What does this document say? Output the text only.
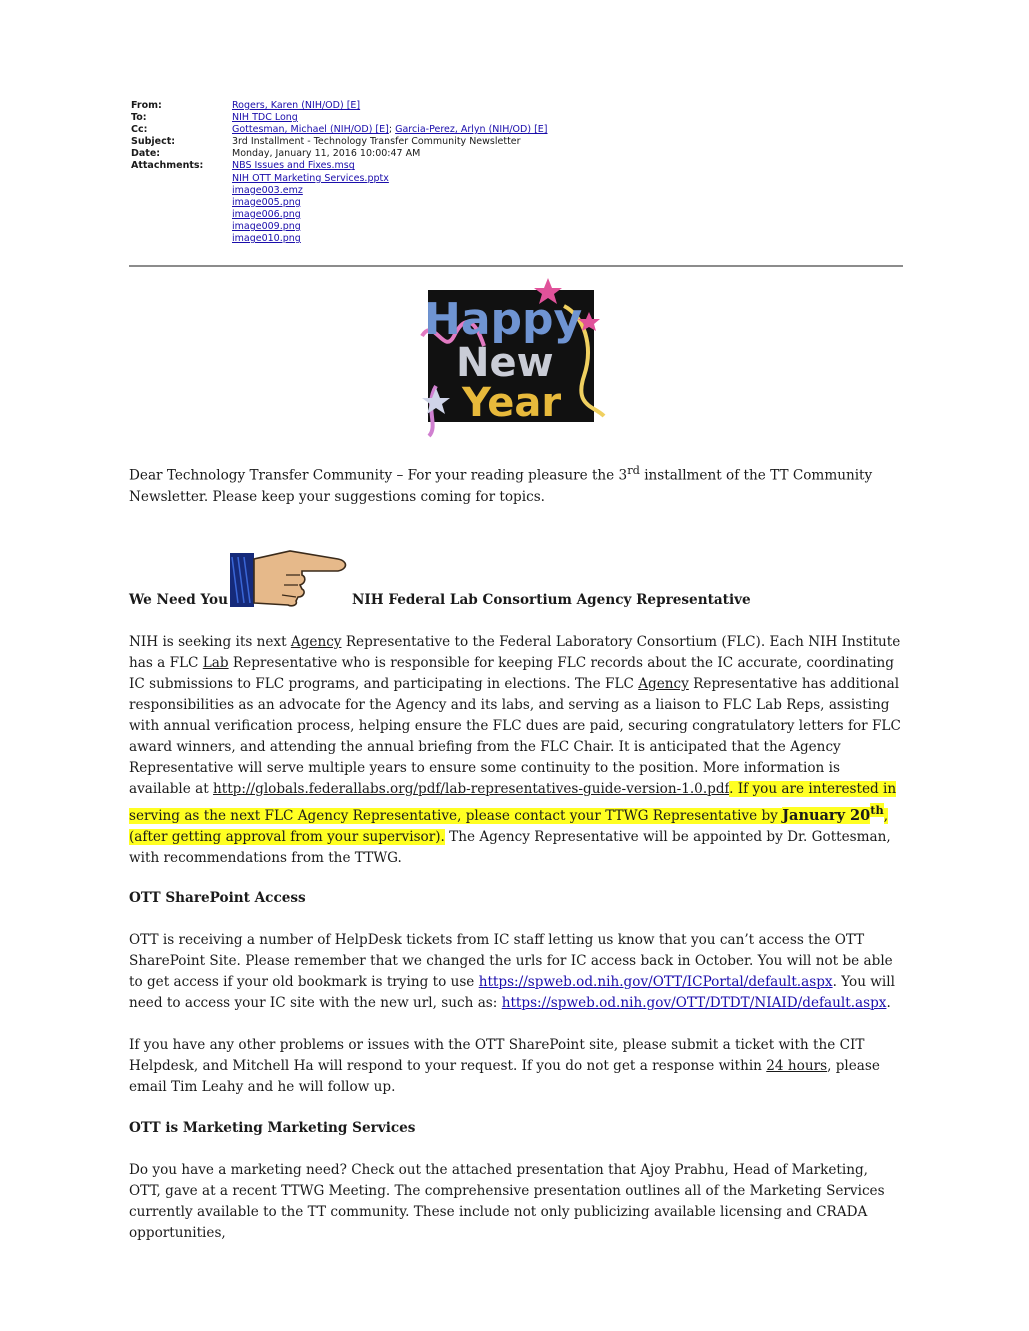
From:	Rogers, Karen (NIH/OD) [E]
To:	NIH TDC Long
Cc:	Gottesman, Michael (NIH/OD) [E]; Garcia-Perez, Arlyn (NIH/OD) [E]
Subject:	3rd Installment - Technology Transfer Community Newsletter
Date:	Monday, January 11, 2016 10:00:47 AM
Attachments:	NBS Issues and Fixes.msg
NIH OTT Marketing Services.pptx
image003.emz
image005.png
image006.png
image009.png
image010.png
Happy
New
Year

Dear Technology Transfer Community – For your reading pleasure the 3rd installment of the TT Community Newsletter. Please keep your suggestions coming for topics.

We Need You	NIH Federal Lab Consortium Agency Representative

NIH is seeking its next Agency Representative to the Federal Laboratory Consortium (FLC). Each NIH Institute has a FLC Lab Representative who is responsible for keeping FLC records about the IC accurate, coordinating IC submissions to FLC programs, and participating in elections. The FLC Agency Representative has additional responsibilities as an advocate for the Agency and its labs, and serving as a liaison to FLC Lab Reps, assisting with annual verification process, helping ensure the FLC dues are paid, securing congratulatory letters for FLC award winners, and attending the annual briefing from the FLC Chair. It is anticipated that the Agency Representative will serve multiple years to ensure some continuity to the position. More information is available at http://globals.federallabs.org/pdf/lab-representatives-guide-version-1.0.pdf. If you are interested in serving as the next FLC Agency Representative, please contact your TTWG Representative by January 20th, (after getting approval from your supervisor). The Agency Representative will be appointed by Dr. Gottesman, with recommendations from the TTWG.

OTT SharePoint Access

OTT is receiving a number of HelpDesk tickets from IC staff letting us know that you can’t access the OTT SharePoint Site. Please remember that we changed the urls for IC access back in October. You will not be able to get access if your old bookmark is trying to use https://spweb.od.nih.gov/OTT/ICPortal/default.aspx. You will need to access your IC site with the new url, such as: https://spweb.od.nih.gov/OTT/DTDT/NIAID/default.aspx.

If you have any other problems or issues with the OTT SharePoint site, please submit a ticket with the CIT Helpdesk, and Mitchell Ha will respond to your request. If you do not get a response within 24 hours, please email Tim Leahy and he will follow up.

OTT is Marketing Marketing Services

Do you have a marketing need? Check out the attached presentation that Ajoy Prabhu, Head of Marketing, OTT, gave at a recent TTWG Meeting. The comprehensive presentation outlines all of the Marketing Services currently available to the TT community. These include not only publicizing available licensing and CRADA opportunities,
